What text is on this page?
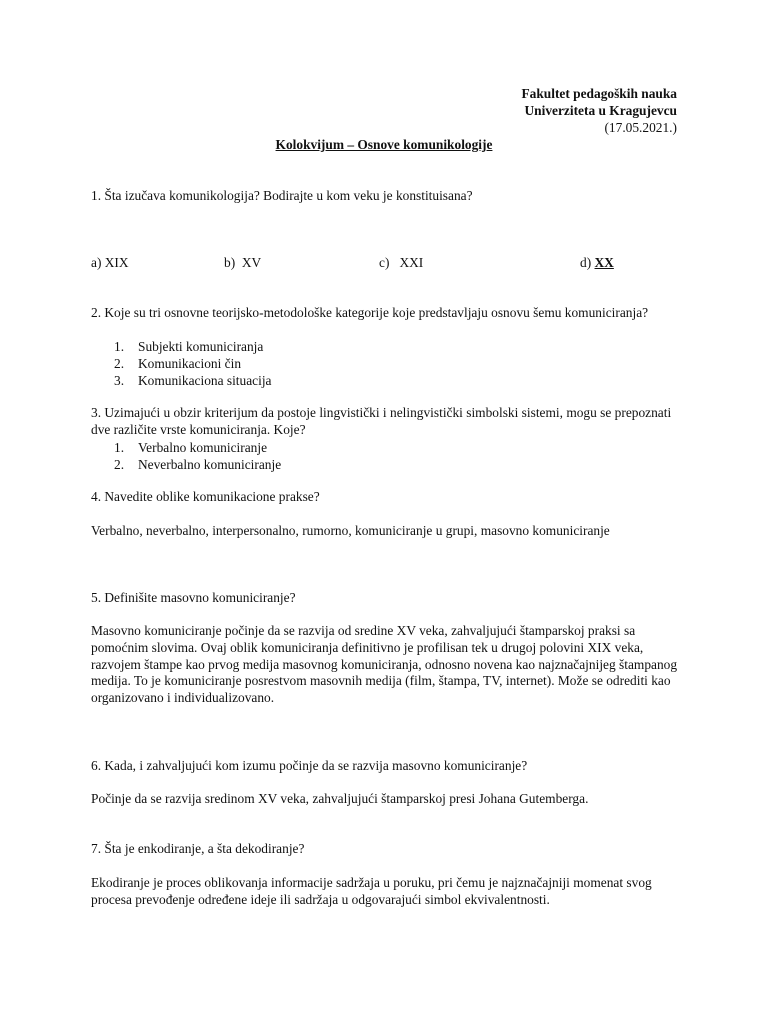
Fakultet pedagoških nauka
Univerziteta u Kragujevcu
(17.05.2021.)
Kolokvijum – Osnove komunikologije
1. Šta izučava komunikologija? Bodirajte u kom veku je konstituisana?
a) XIX	b) XV	c) XXI	d) XX
2. Koje su tri osnovne teorijsko-metodološke kategorije koje predstavljaju osnovu šemu komuniciranja?
1.	Subjekti komuniciranja
2.	Komunikacioni čin
3.	Komunikaciona situacija
3. Uzimajući u obzir kriterijum da postoje lingvistički i nelingvistički simbolski sistemi, mogu se prepoznati dve različite vrste komuniciranja. Koje?
1.	Verbalno komuniciranje
2.	Neverbalno komuniciranje
4. Navedite oblike komunikacione prakse?
Verbalno, neverbalno, interpersonalno, rumorno, komuniciranje u grupi, masovno komuniciranje
5. Definišite masovno komuniciranje?
Masovno komuniciranje počinje da se razvija od sredine XV veka, zahvaljujući štamparskoj praksi sa pomoćnim slovima. Ovaj oblik komuniciranja definitivno je profilisan tek u drugoj polovini XIX veka, razvojem štampe kao prvog medija masovnog komuniciranja, odnosno novena kao najznačajnijeg štampanog medija. To je komuniciranje posrestvom masovnih medija (film, štampa, TV, internet). Može se odrediti kao organizovano i individualizovano.
6. Kada, i zahvaljujući kom izumu počinje da se razvija masovno komuniciranje?
Počinje da se razvija sredinom XV veka, zahvaljujući štamparskoj presi Johana Gutemberga.
7. Šta je enkodiranje, a šta dekodiranje?
Ekodiranje je proces oblikovanja informacije sadržaja u poruku, pri čemu je najznačajniji momenat svog procesa prevođenje određene ideje ili sadržaja u odgovarajući simbol ekvivalentnosti.
